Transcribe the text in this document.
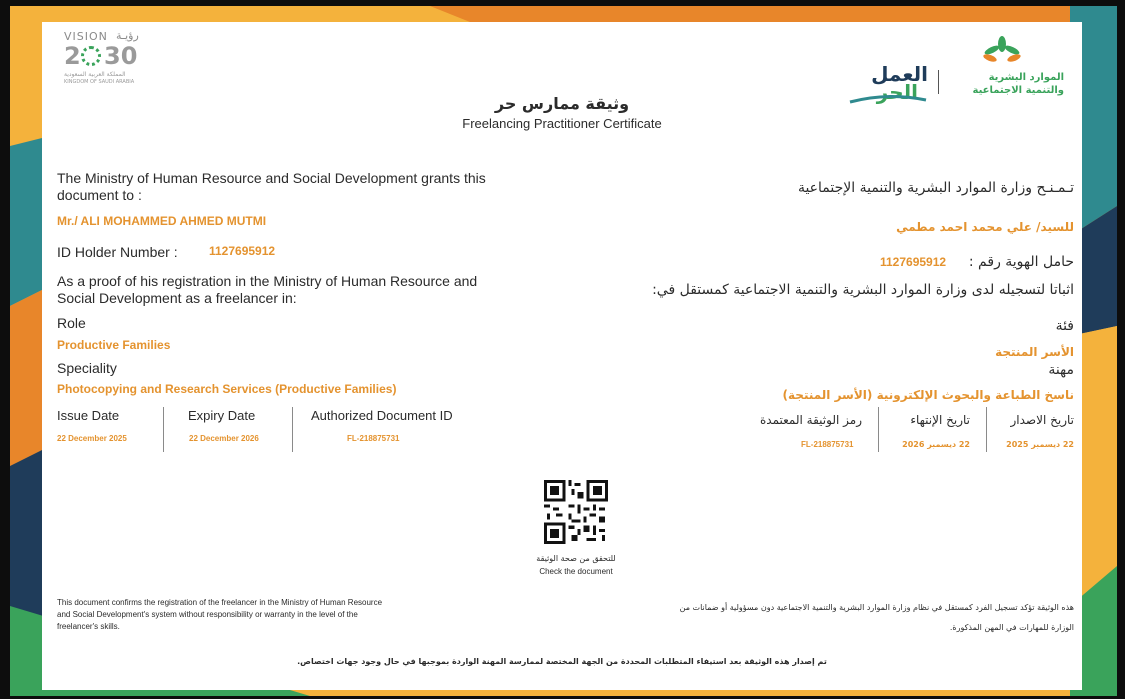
VISION رؤيـة
2 30
المملكة العربية السعودية
KINGDOM OF SAUDI ARABIA	العمل
الحر
الموارد البشرية
والتنمية الاجتماعية
وثيقة ممارس حر
Freelancing Practitioner Certificate
The Ministry of Human Resource and Social Development grants this
document to :
Mr./ ALI MOHAMMED AHMED MUTMI
ID Holder Number :	1127695912
As a proof of his registration in the Ministry of Human Resource and
Social Development as a freelancer in:
Role
Productive Families
Speciality
Photocopying and Research Services (Productive Families)
Issue Date
22 December 2025
Expiry Date
22 December 2026
Authorized Document ID
FL-218875731
تـمـنـح وزارة الموارد البشرية والتنمية الإجتماعية
للسيد/ علي محمد احمد مطمي
حامل الهوية رقم :
1127695912
اثباتا لتسجيله لدى وزارة الموارد البشرية والتنمية الاجتماعية كمستقل في:
فئة
الأسر المنتجة
مهنة
ناسخ الطباعة والبحوث الإلكترونية (الأسر المنتجة)
تاريخ الاصدار
22 ديسمبر 2025
تاريخ الإنتهاء
22 ديسمبر 2026
رمز الوثيقة المعتمدة
FL-218875731
للتحقق من صحة الوثيقة
Check the document
This document confirms the registration of the freelancer in the Ministry of Human Resource
and Social Development's system without responsibility or warranty in the level of the
freelancer's skills.
هذه الوثيقة تؤكد تسجيل الفرد كمستقل في نظام وزارة الموارد البشرية والتنمية الاجتماعية دون مسؤولية أو ضمانات من
الوزارة للمهارات في المهن المذكورة.
تم إصدار هذه الوثيقة بعد استيفاء المتطلبات المحددة من الجهة المختصة لممارسة المهنة الواردة بموجبها في حال وجود جهات اختصاص.
